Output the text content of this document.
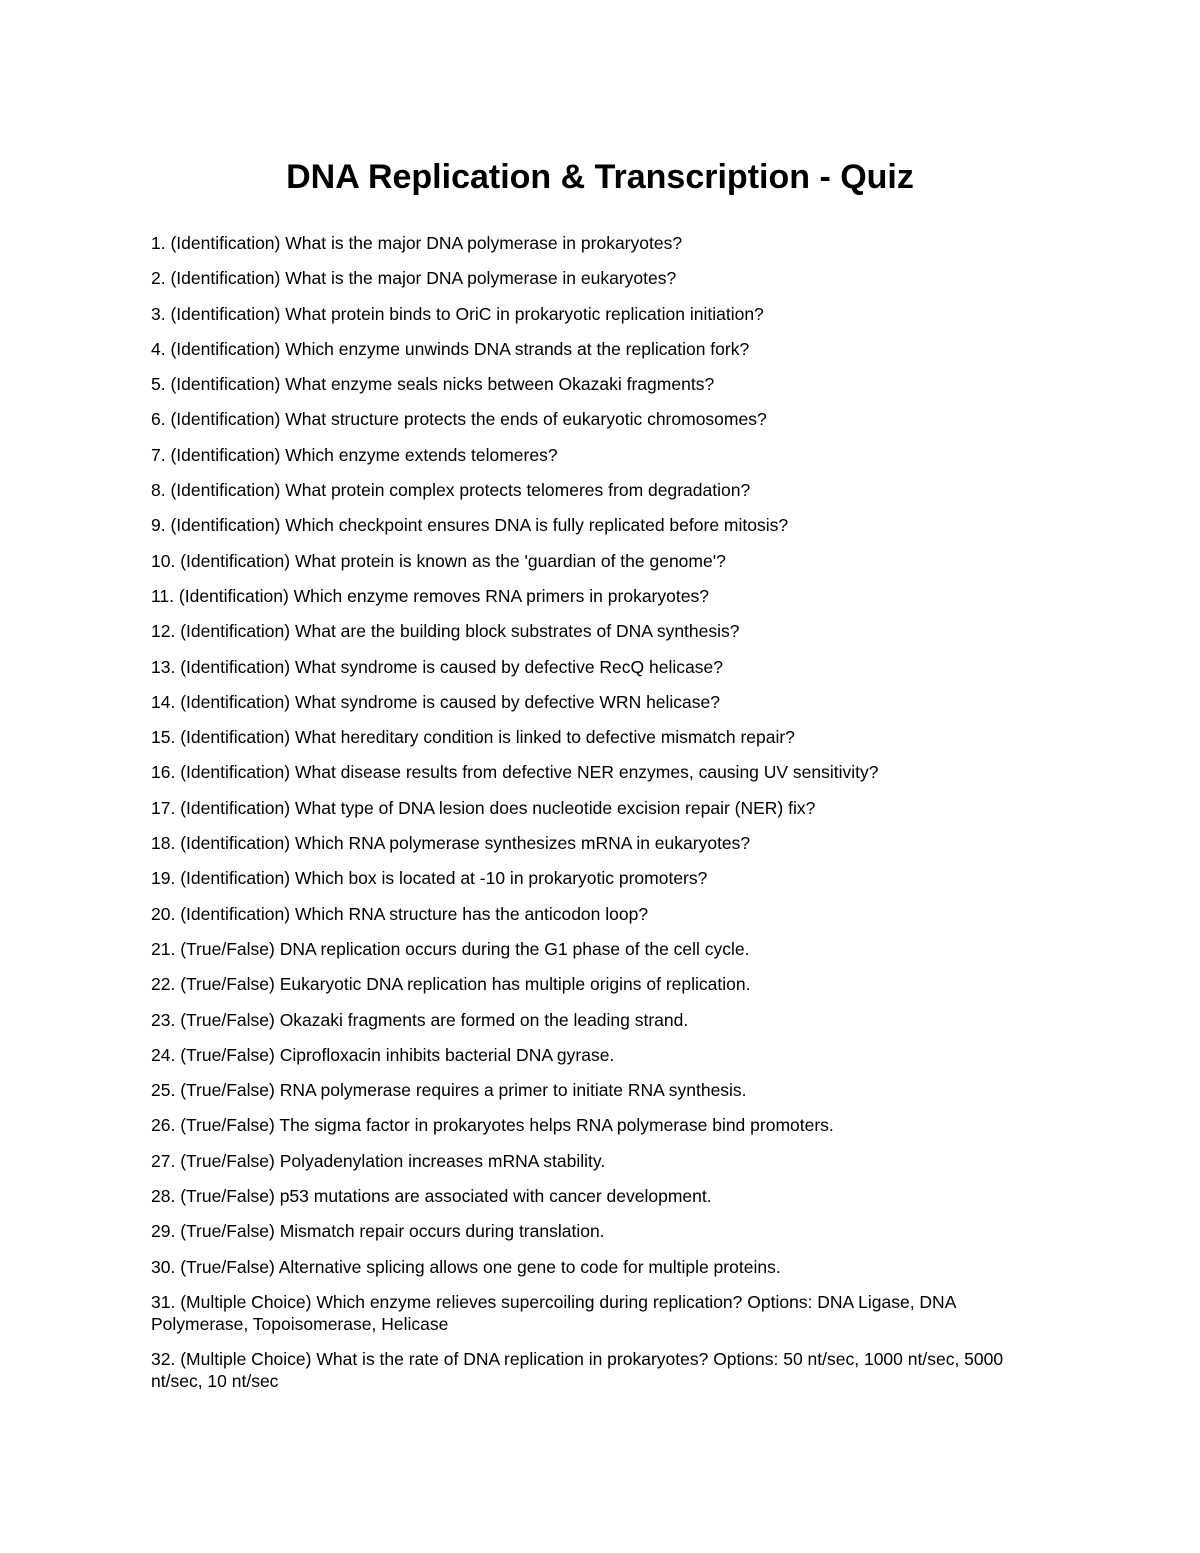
DNA Replication & Transcription - Quiz
1. (Identification) What is the major DNA polymerase in prokaryotes?
2. (Identification) What is the major DNA polymerase in eukaryotes?
3. (Identification) What protein binds to OriC in prokaryotic replication initiation?
4. (Identification) Which enzyme unwinds DNA strands at the replication fork?
5. (Identification) What enzyme seals nicks between Okazaki fragments?
6. (Identification) What structure protects the ends of eukaryotic chromosomes?
7. (Identification) Which enzyme extends telomeres?
8. (Identification) What protein complex protects telomeres from degradation?
9. (Identification) Which checkpoint ensures DNA is fully replicated before mitosis?
10. (Identification) What protein is known as the 'guardian of the genome'?
11. (Identification) Which enzyme removes RNA primers in prokaryotes?
12. (Identification) What are the building block substrates of DNA synthesis?
13. (Identification) What syndrome is caused by defective RecQ helicase?
14. (Identification) What syndrome is caused by defective WRN helicase?
15. (Identification) What hereditary condition is linked to defective mismatch repair?
16. (Identification) What disease results from defective NER enzymes, causing UV sensitivity?
17. (Identification) What type of DNA lesion does nucleotide excision repair (NER) fix?
18. (Identification) Which RNA polymerase synthesizes mRNA in eukaryotes?
19. (Identification) Which box is located at -10 in prokaryotic promoters?
20. (Identification) Which RNA structure has the anticodon loop?
21. (True/False) DNA replication occurs during the G1 phase of the cell cycle.
22. (True/False) Eukaryotic DNA replication has multiple origins of replication.
23. (True/False) Okazaki fragments are formed on the leading strand.
24. (True/False) Ciprofloxacin inhibits bacterial DNA gyrase.
25. (True/False) RNA polymerase requires a primer to initiate RNA synthesis.
26. (True/False) The sigma factor in prokaryotes helps RNA polymerase bind promoters.
27. (True/False) Polyadenylation increases mRNA stability.
28. (True/False) p53 mutations are associated with cancer development.
29. (True/False) Mismatch repair occurs during translation.
30. (True/False) Alternative splicing allows one gene to code for multiple proteins.
31. (Multiple Choice) Which enzyme relieves supercoiling during replication? Options: DNA Ligase, DNA Polymerase, Topoisomerase, Helicase
32. (Multiple Choice) What is the rate of DNA replication in prokaryotes? Options: 50 nt/sec, 1000 nt/sec, 5000 nt/sec, 10 nt/sec
